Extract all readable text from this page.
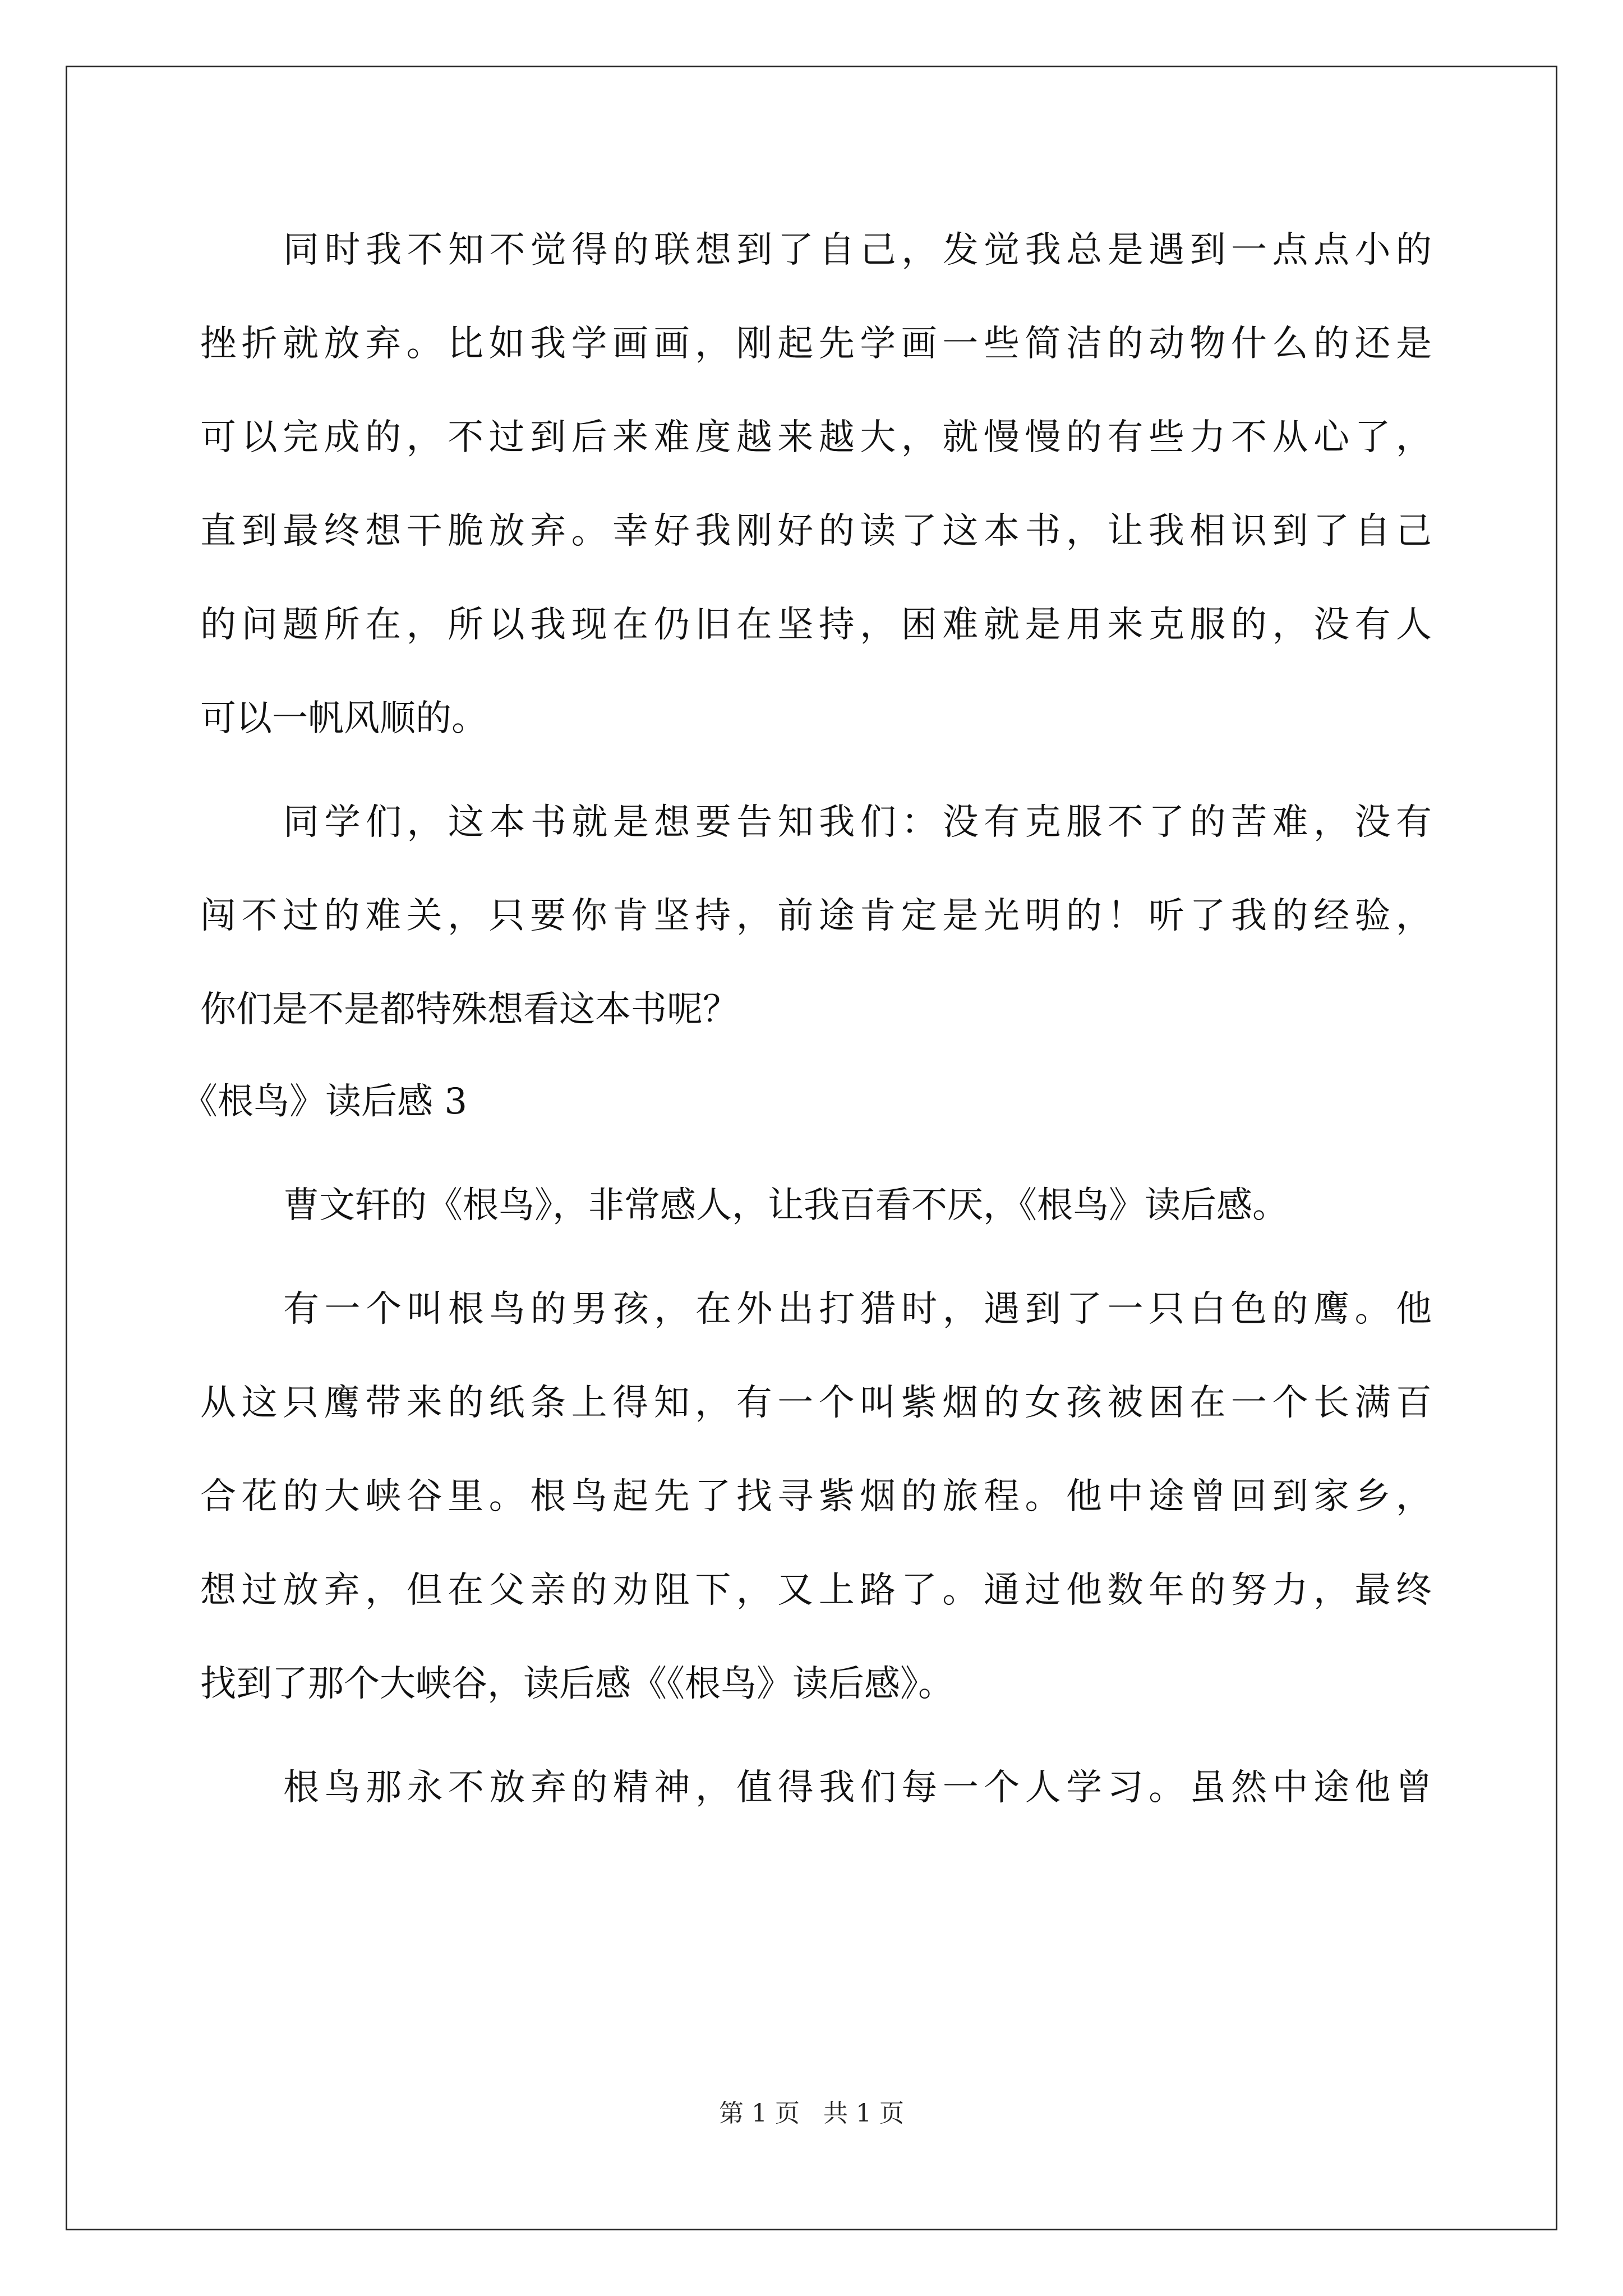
同时我不知不觉得的联想到了自己，发觉我总是遇到一点点小的
挫折就放弃。比如我学画画，刚起先学画一些简洁的动物什么的还是
可以完成的，不过到后来难度越来越大，就慢慢的有些力不从心了，
直到最终想干脆放弃。幸好我刚好的读了这本书，让我相识到了自己
的问题所在，所以我现在仍旧在坚持，困难就是用来克服的，没有人
可以一帆风顺的。
同学们，这本书就是想要告知我们：没有克服不了的苦难，没有
闯不过的难关，只要你肯坚持，前途肯定是光明的！听了我的经验，
你们是不是都特殊想看这本书呢？
《根鸟》读后感 3
曹文轩的《根鸟》，非常感人，让我百看不厌，《根鸟》读后感。
有一个叫根鸟的男孩，在外出打猎时，遇到了一只白色的鹰。他
从这只鹰带来的纸条上得知，有一个叫紫烟的女孩被困在一个长满百
合花的大峡谷里。根鸟起先了找寻紫烟的旅程。他中途曾回到家乡，
想过放弃，但在父亲的劝阻下，又上路了。通过他数年的努力，最终
找到了那个大峡谷，读后感《《根鸟》读后感》。
根鸟那永不放弃的精神，值得我们每一个人学习。虽然中途他曾
第 1 页   共 1 页
